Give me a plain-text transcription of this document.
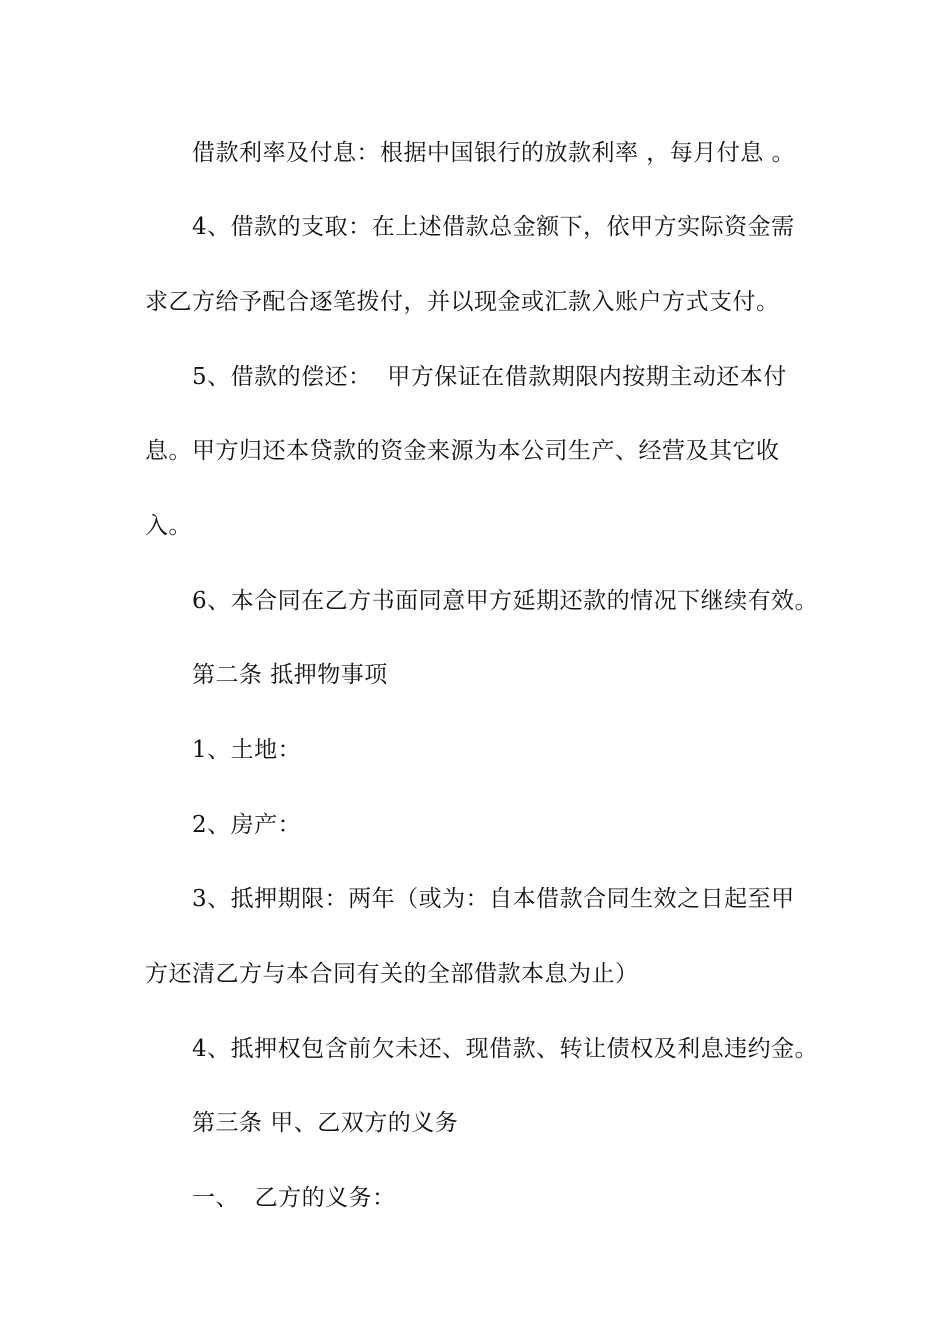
借款利率及付息：根据中国银行的放款利率 ，每月付息 。
4、借款的支取：在上述借款总金额下，依甲方实际资金需
求乙方给予配合逐笔拨付，并以现金或汇款入账户方式支付。
5、借款的偿还：  甲方保证在借款期限内按期主动还本付
息。甲方归还本贷款的资金来源为本公司生产、经营及其它收
入。
6、本合同在乙方书面同意甲方延期还款的情况下继续有效。
第二条 抵押物事项
1、土地：
2、房产：
3、抵押期限：两年（或为：自本借款合同生效之日起至甲
方还清乙方与本合同有关的全部借款本息为止）
4、抵押权包含前欠未还、现借款、转让债权及利息违约金。
第三条 甲、乙双方的义务
一、  乙方的义务：
